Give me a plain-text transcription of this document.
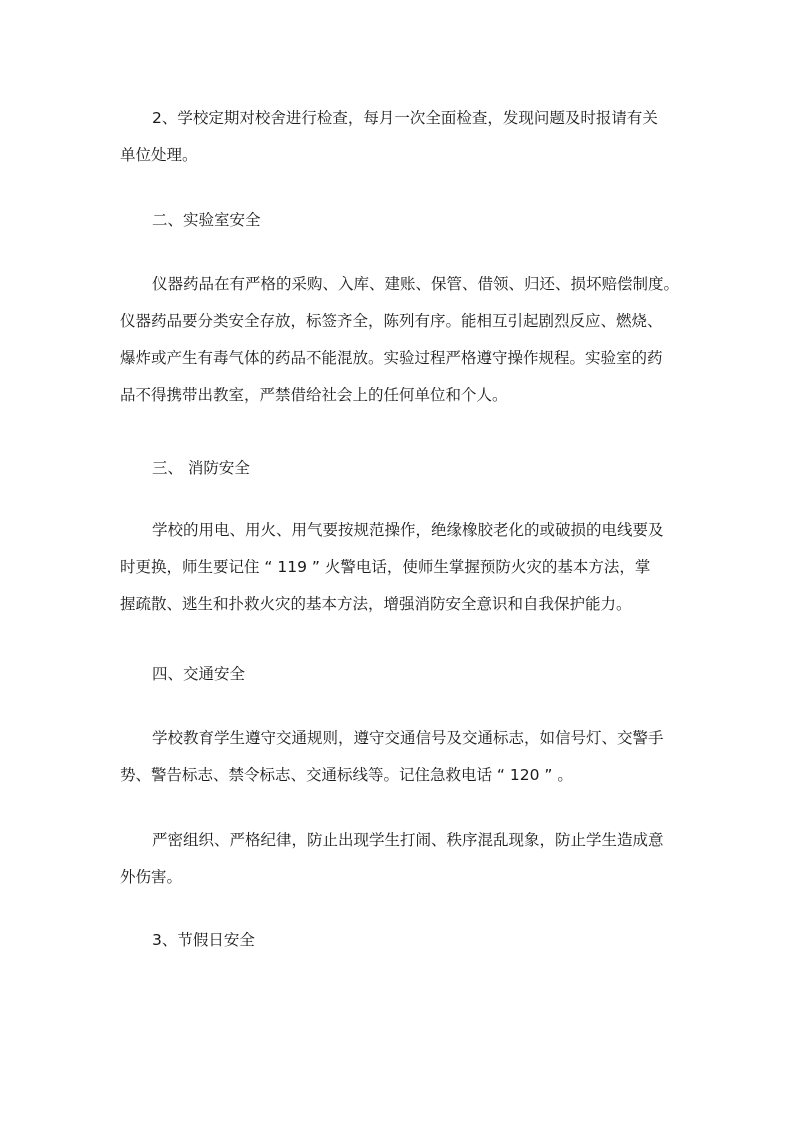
2、学校定期对校舍进行检查，每月一次全面检查，发现问题及时报请有关
单位处理。
二、实验室安全
仪器药品在有严格的采购、入库、建账、保管、借领、归还、损坏赔偿制度。
仪器药品要分类安全存放，标签齐全，陈列有序。能相互引起剧烈反应、燃烧、
爆炸或产生有毒气体的药品不能混放。实验过程严格遵守操作规程。实验室的药
品不得携带出教室，严禁借给社会上的任何单位和个人。
三、 消防安全
学校的用电、用火、用气要按规范操作，绝缘橡胶老化的或破损的电线要及
时更换，师生要记住 “ 119 ” 火警电话，使师生掌握预防火灾的基本方法，掌
握疏散、逃生和扑救火灾的基本方法，增强消防安全意识和自我保护能力。
四、交通安全
学校教育学生遵守交通规则，遵守交通信号及交通标志，如信号灯、交警手
势、警告标志、禁令标志、交通标线等。记住急救电话 “ 120 ” 。
严密组织、严格纪律，防止出现学生打闹、秩序混乱现象，防止学生造成意
外伤害。
3、节假日安全
